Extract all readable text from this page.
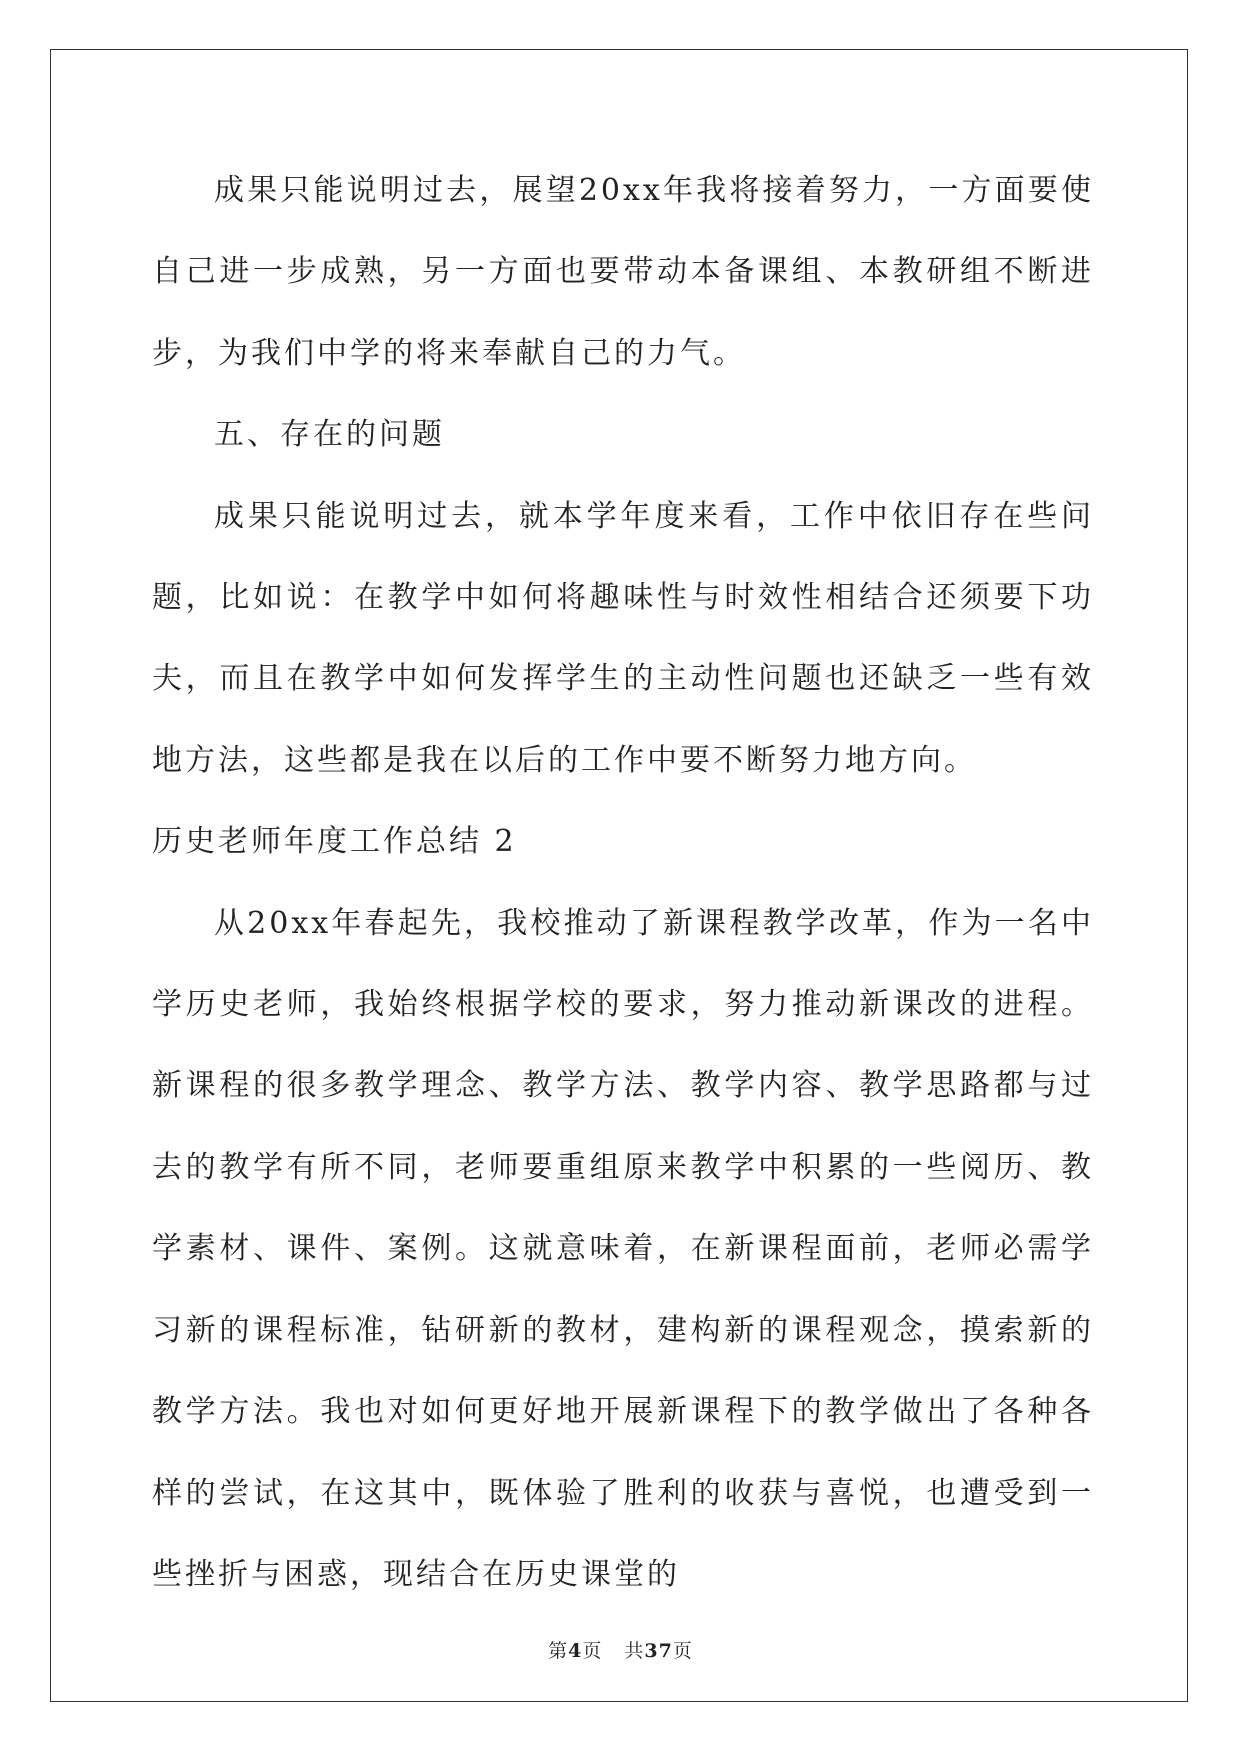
成果只能说明过去，展望20xx年我将接着努力，一方面要使自己进一步成熟，另一方面也要带动本备课组、本教研组不断进步，为我们中学的将来奉献自己的力气。

五、存在的问题

成果只能说明过去，就本学年度来看，工作中依旧存在些问题，比如说：在教学中如何将趣味性与时效性相结合还须要下功夫，而且在教学中如何发挥学生的主动性问题也还缺乏一些有效地方法，这些都是我在以后的工作中要不断努力地方向。

历史老师年度工作总结 2

从20xx年春起先，我校推动了新课程教学改革，作为一名中学历史老师，我始终根据学校的要求，努力推动新课改的进程。新课程的很多教学理念、教学方法、教学内容、教学思路都与过去的教学有所不同，老师要重组原来教学中积累的一些阅历、教学素材、课件、案例。这就意味着，在新课程面前，老师必需学习新的课程标准，钻研新的教材，建构新的课程观念，摸索新的教学方法。我也对如何更好地开展新课程下的教学做出了各种各样的尝试，在这其中，既体验了胜利的收获与喜悦，也遭受到一些挫折与困惑，现结合在历史课堂的

第4页 共37页
